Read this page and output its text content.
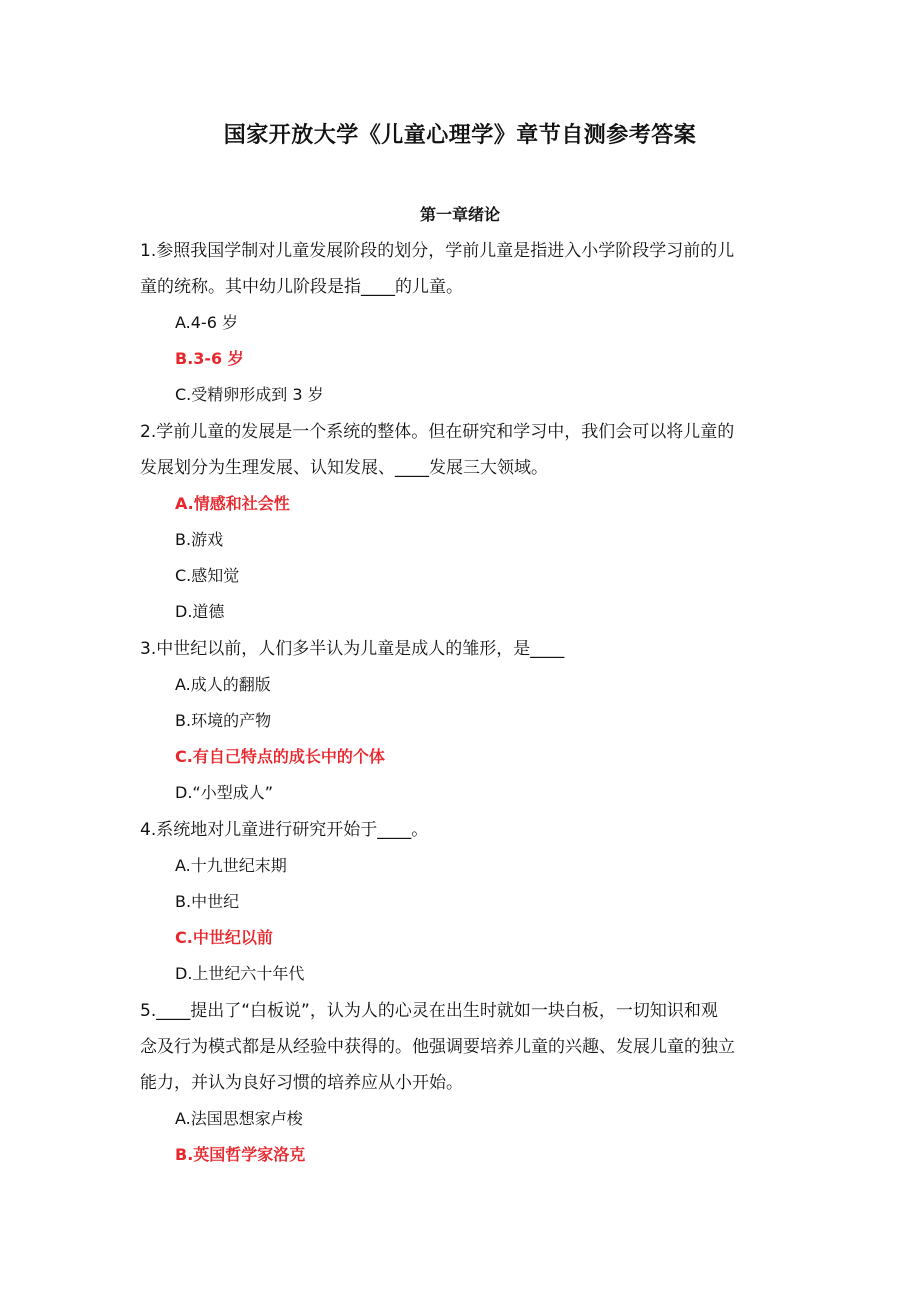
国家开放大学《儿童心理学》章节自测参考答案
第一章绪论
1.参照我国学制对儿童发展阶段的划分，学前儿童是指进入小学阶段学习前的儿
童的统称。其中幼儿阶段是指____的儿童。
A.4-6 岁
B.3-6 岁
C.受精卵形成到 3 岁
2.学前儿童的发展是一个系统的整体。但在研究和学习中，我们会可以将儿童的
发展划分为生理发展、认知发展、____发展三大领域。
A.情感和社会性
B.游戏
C.感知觉
D.道德
3.中世纪以前，人们多半认为儿童是成人的雏形，是____
A.成人的翻版
B.环境的产物
C.有自己特点的成长中的个体
D.“小型成人”
4.系统地对儿童进行研究开始于____。
A.十九世纪末期
B.中世纪
C.中世纪以前
D.上世纪六十年代
5.____提出了“白板说”，认为人的心灵在出生时就如一块白板，一切知识和观
念及行为模式都是从经验中获得的。他强调要培养儿童的兴趣、发展儿童的独立
能力，并认为良好习惯的培养应从小开始。
A.法国思想家卢梭
B.英国哲学家洛克
